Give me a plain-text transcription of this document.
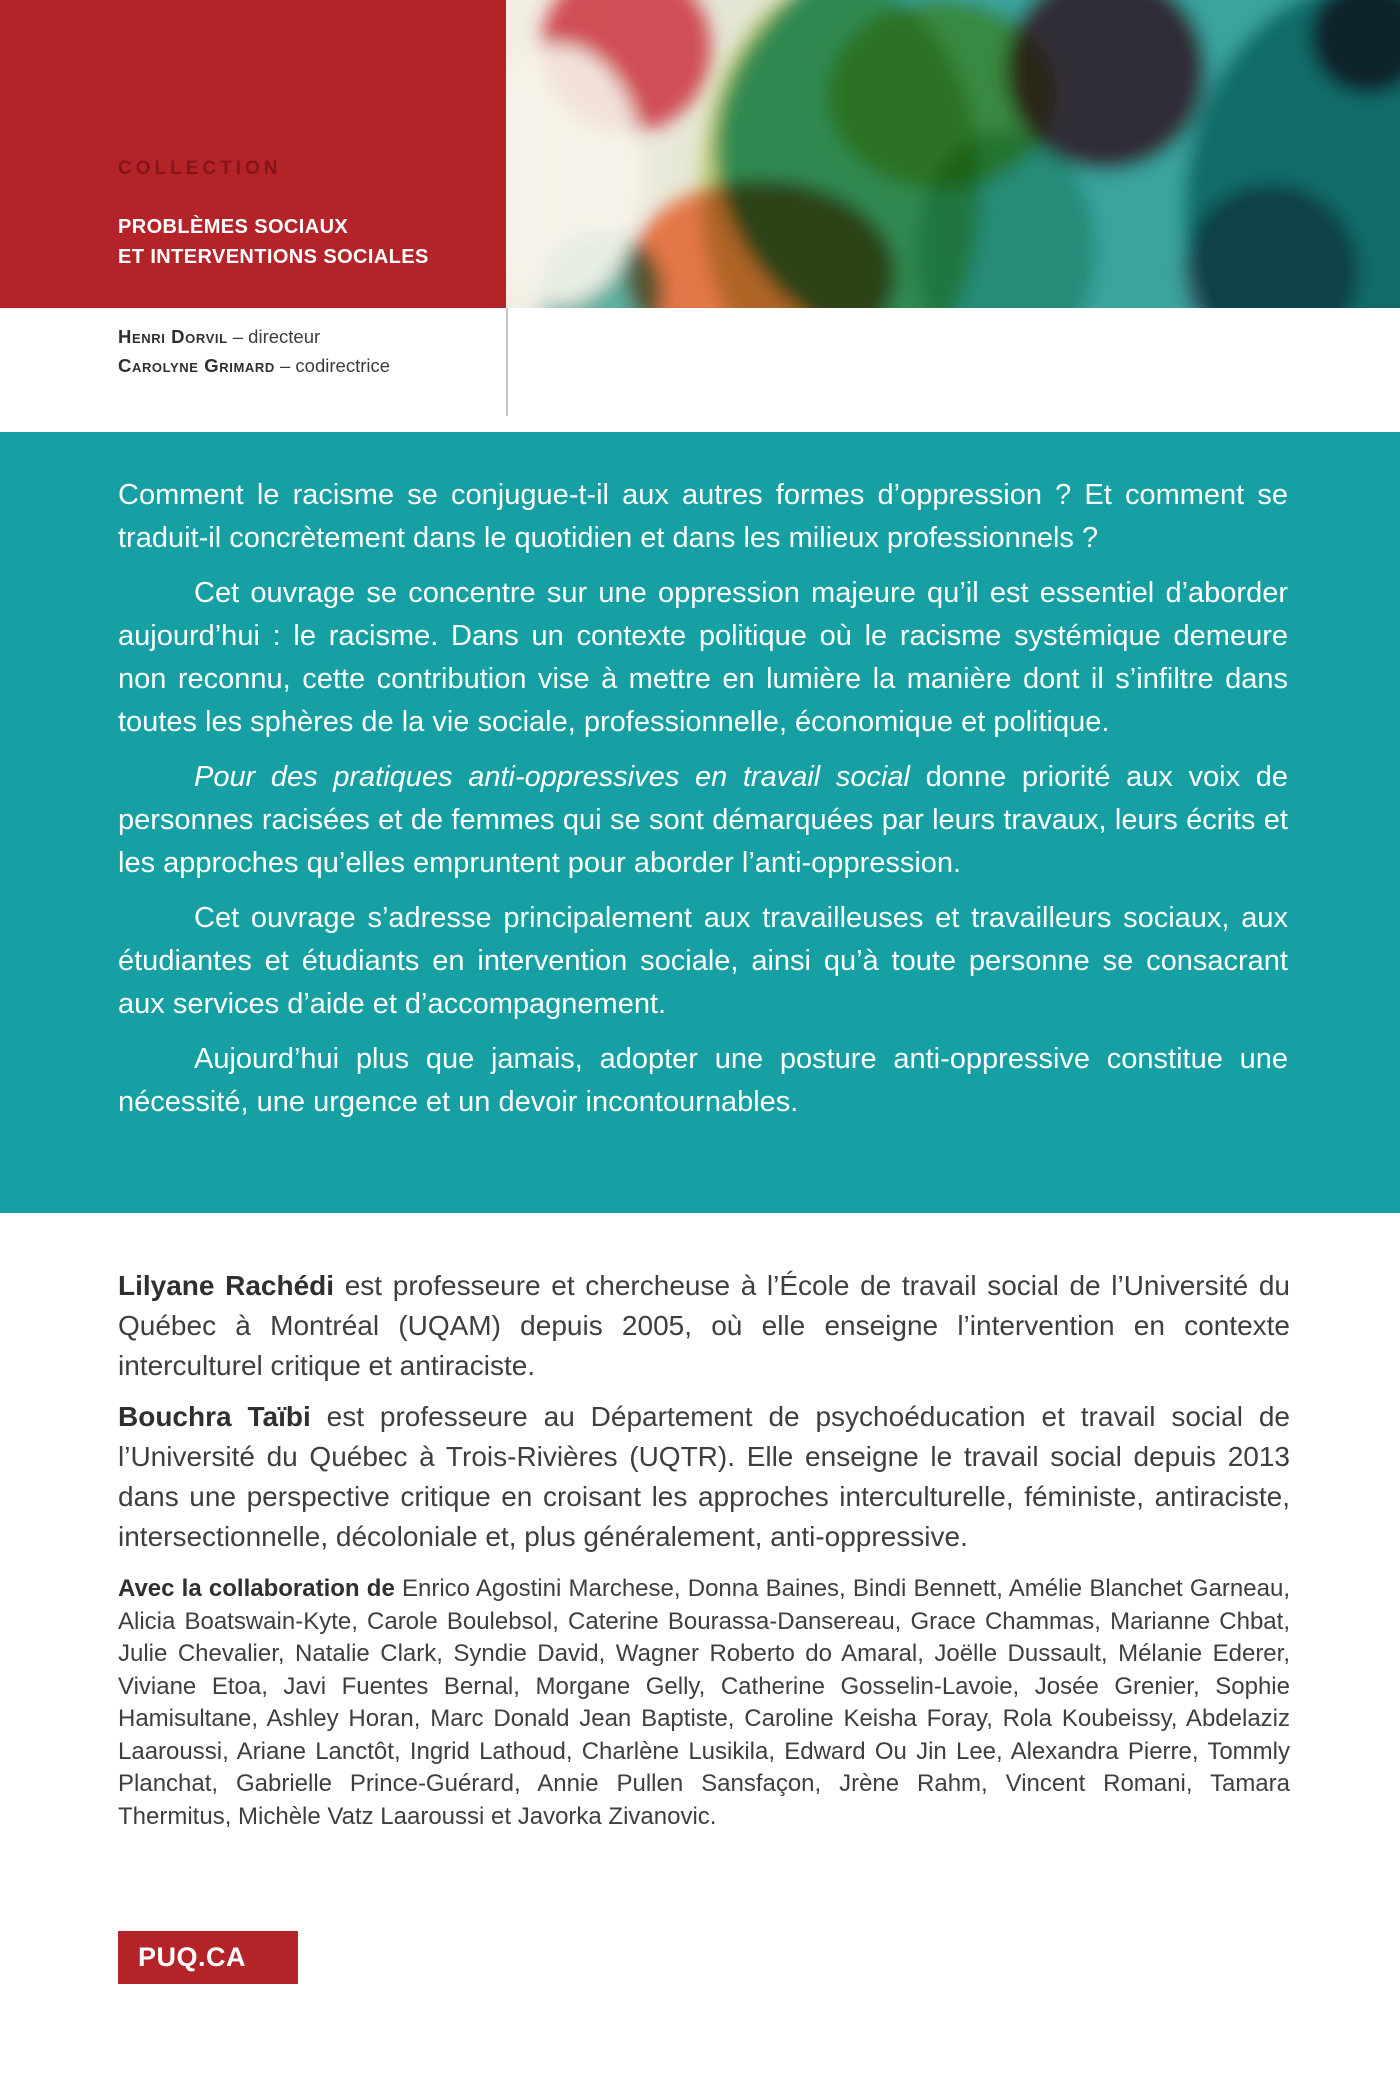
COLLECTION
PROBLÈMES SOCIAUX
ET INTERVENTIONS SOCIALES
Henri Dorvil – directeur
Carolyne Grimard – codirectrice

Comment le racisme se conjugue-t-il aux autres formes d’oppression ? Et comment se traduit-il concrètement dans le quotidien et dans les milieux professionnels ?

Cet ouvrage se concentre sur une oppression majeure qu’il est essentiel d’aborder aujourd’hui : le racisme. Dans un contexte politique où le racisme systémique demeure non reconnu, cette contribution vise à mettre en lumière la manière dont il s’infiltre dans toutes les sphères de la vie sociale, professionnelle, économique et politique.

Pour des pratiques anti-oppressives en travail social donne priorité aux voix de personnes racisées et de femmes qui se sont démarquées par leurs travaux, leurs écrits et les approches qu’elles empruntent pour aborder l’anti-oppression.

Cet ouvrage s’adresse principalement aux travailleuses et travailleurs sociaux, aux étudiantes et étudiants en intervention sociale, ainsi qu’à toute personne se consacrant aux services d’aide et d’accompagnement.

Aujourd’hui plus que jamais, adopter une posture anti-oppressive constitue une nécessité, une urgence et un devoir incontournables.

Lilyane Rachédi est professeure et chercheuse à l’École de travail social de l’Université du Québec à Montréal (UQAM) depuis 2005, où elle enseigne l’intervention en contexte interculturel critique et antiraciste.

Bouchra Taïbi est professeure au Département de psychoéducation et travail social de l’Université du Québec à Trois-Rivières (UQTR). Elle enseigne le travail social depuis 2013 dans une perspective critique en croisant les approches interculturelle, féministe, antiraciste, intersectionnelle, décoloniale et, plus généralement, anti-oppressive.

Avec la collaboration de Enrico Agostini Marchese, Donna Baines, Bindi Bennett, Amélie Blanchet Garneau, Alicia Boatswain-Kyte, Carole Boulebsol, Caterine Bourassa-Dansereau, Grace Chammas, Marianne Chbat, Julie Chevalier, Natalie Clark, Syndie David, Wagner Roberto do Amaral, Joëlle Dussault, Mélanie Ederer, Viviane Etoa, Javi Fuentes Bernal, Morgane Gelly, Catherine Gosselin-Lavoie, Josée Grenier, Sophie Hamisultane, Ashley Horan, Marc Donald Jean Baptiste, Caroline Keisha Foray, Rola Koubeissy, Abdelaziz Laaroussi, Ariane Lanctôt, Ingrid Lathoud, Charlène Lusikila, Edward Ou Jin Lee, Alexandra Pierre, Tommly Planchat, Gabrielle Prince-Guérard, Annie Pullen Sansfaçon, Jrène Rahm, Vincent Romani, Tamara Thermitus, Michèle Vatz Laaroussi et Javorka Zivanovic.

PUQ.CA
